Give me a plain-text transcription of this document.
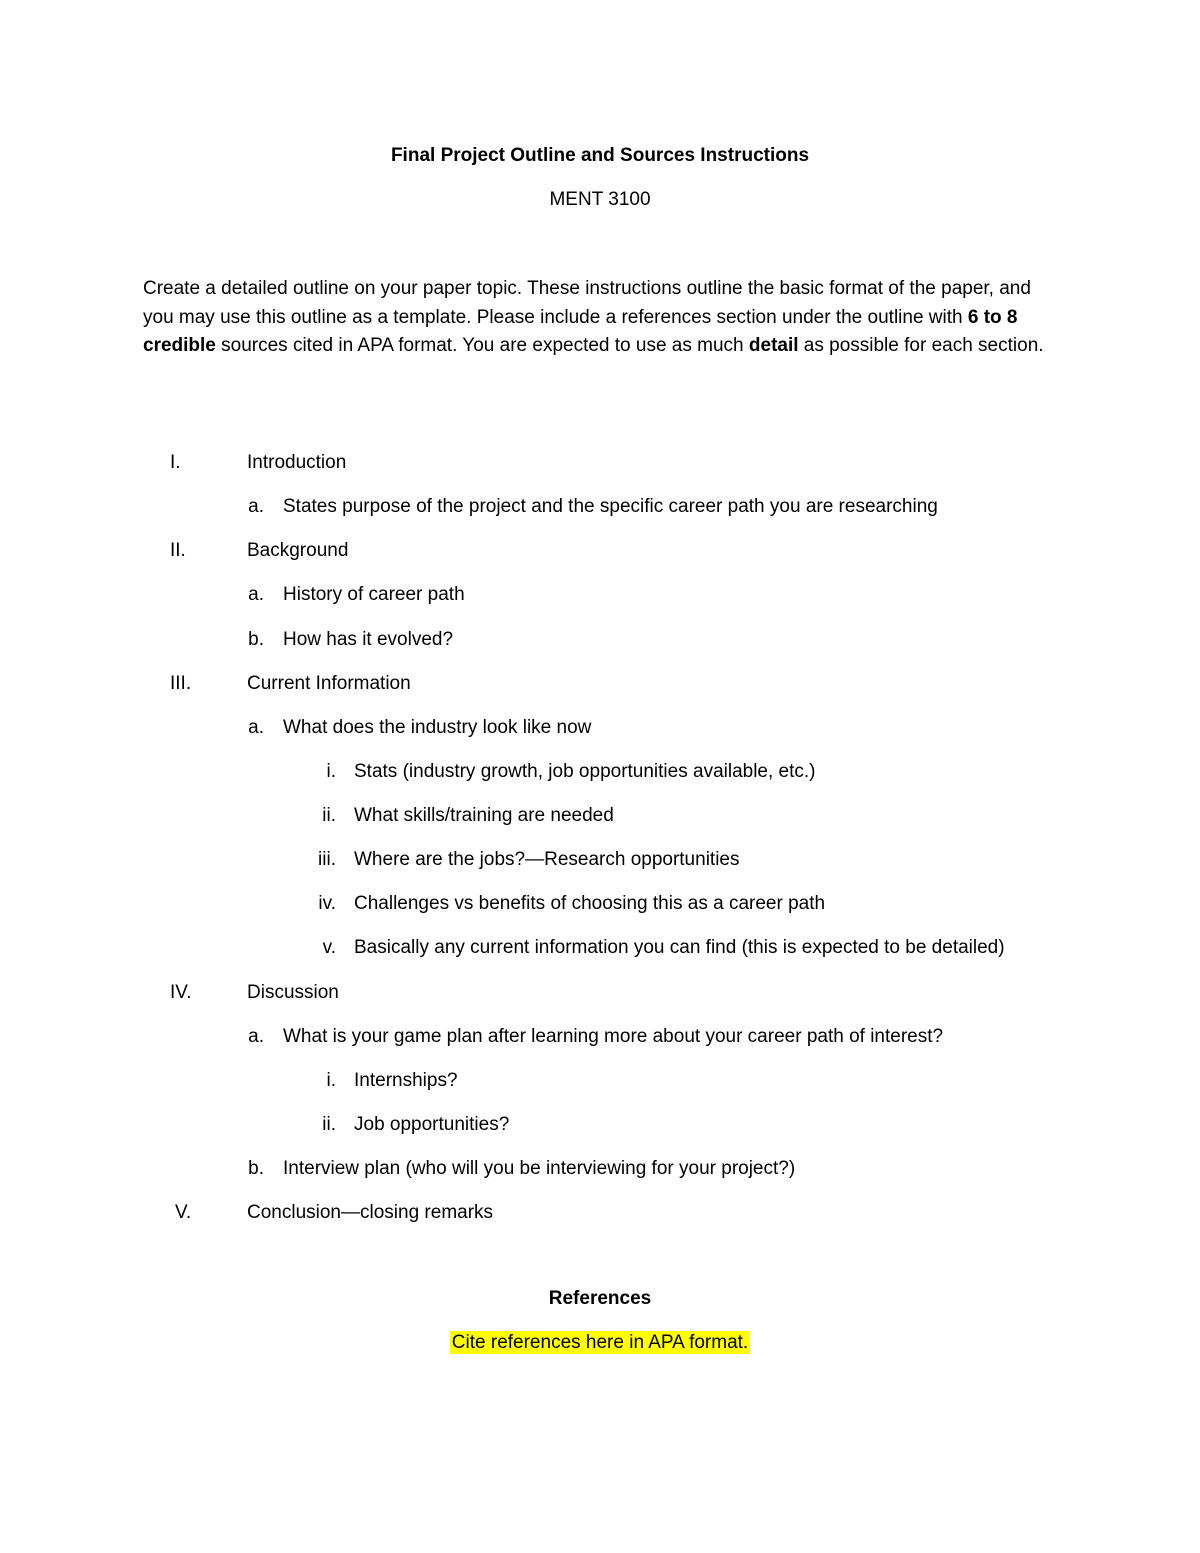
Final Project Outline and Sources Instructions
MENT 3100
Create a detailed outline on your paper topic. These instructions outline the basic format of the paper, and you may use this outline as a template. Please include a references section under the outline with 6 to 8 credible sources cited in APA format. You are expected to use as much detail as possible for each section.
I.	Introduction
a. States purpose of the project and the specific career path you are researching
II.	Background
a. History of career path
b. How has it evolved?
III.	Current Information
a. What does the industry look like now
i. Stats (industry growth, job opportunities available, etc.)
ii. What skills/training are needed
iii. Where are the jobs?—Research opportunities
iv. Challenges vs benefits of choosing this as a career path
v. Basically any current information you can find (this is expected to be detailed)
IV.	Discussion
a. What is your game plan after learning more about your career path of interest?
i. Internships?
ii. Job opportunities?
b. Interview plan (who will you be interviewing for your project?)
V.	Conclusion—closing remarks
References
Cite references here in APA format.
